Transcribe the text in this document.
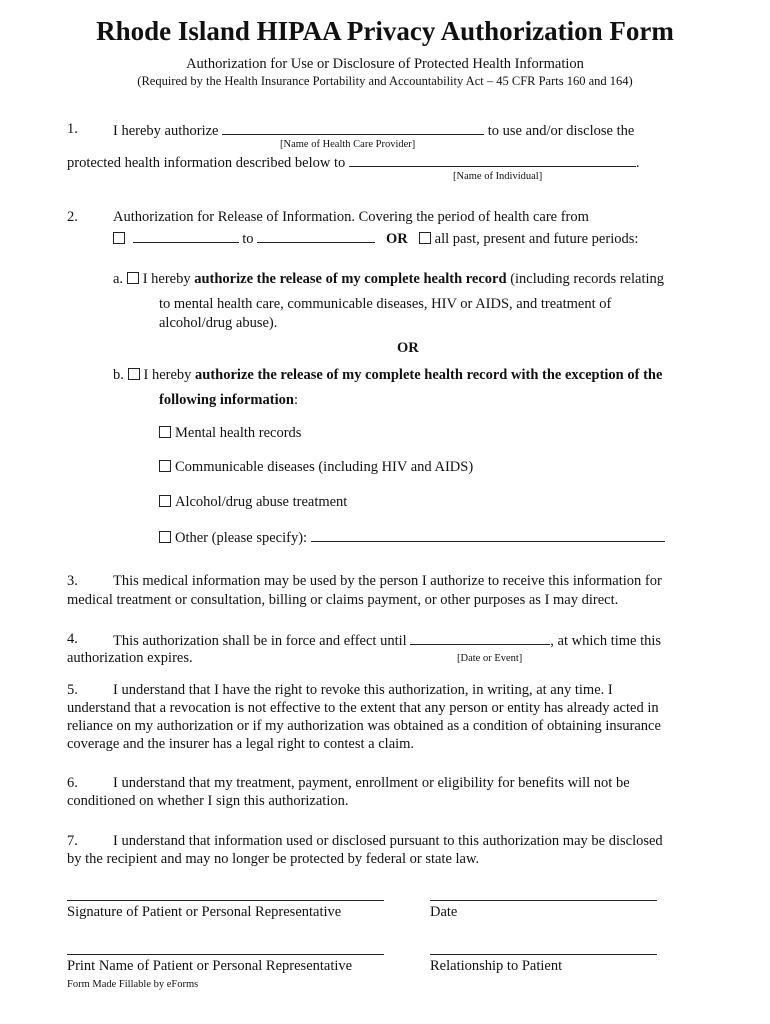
Rhode Island HIPAA Privacy Authorization Form
Authorization for Use or Disclosure of Protected Health Information
(Required by the Health Insurance Portability and Accountability Act – 45 CFR Parts 160 and 164)
1. I hereby authorize	to use and/or disclose the
[Name of Health Care Provider]
protected health information described below to	.
[Name of Individual]
2. Authorization for Release of Information. Covering the period of health care from
to	OR all past, present and future periods:
a. I hereby authorize the release of my complete health record (including records relating
to mental health care, communicable diseases, HIV or AIDS, and treatment of
alcohol/drug abuse).
OR
b. I hereby authorize the release of my complete health record with the exception of the
following information:
Mental health records
Communicable diseases (including HIV and AIDS)
Alcohol/drug abuse treatment
Other (please specify):
3. This medical information may be used by the person I authorize to receive this information for
medical treatment or consultation, billing or claims payment, or other purposes as I may direct.
4. This authorization shall be in force and effect until	, at which time this
authorization expires.	[Date or Event]
5. I understand that I have the right to revoke this authorization, in writing, at any time. I
understand that a revocation is not effective to the extent that any person or entity has already acted in
reliance on my authorization or if my authorization was obtained as a condition of obtaining insurance
coverage and the insurer has a legal right to contest a claim.
6. I understand that my treatment, payment, enrollment or eligibility for benefits will not be
conditioned on whether I sign this authorization.
7. I understand that information used or disclosed pursuant to this authorization may be disclosed
by the recipient and may no longer be protected by federal or state law.
Signature of Patient or Personal Representative	Date
Print Name of Patient or Personal Representative	Relationship to Patient
Form Made Fillable by eForms
